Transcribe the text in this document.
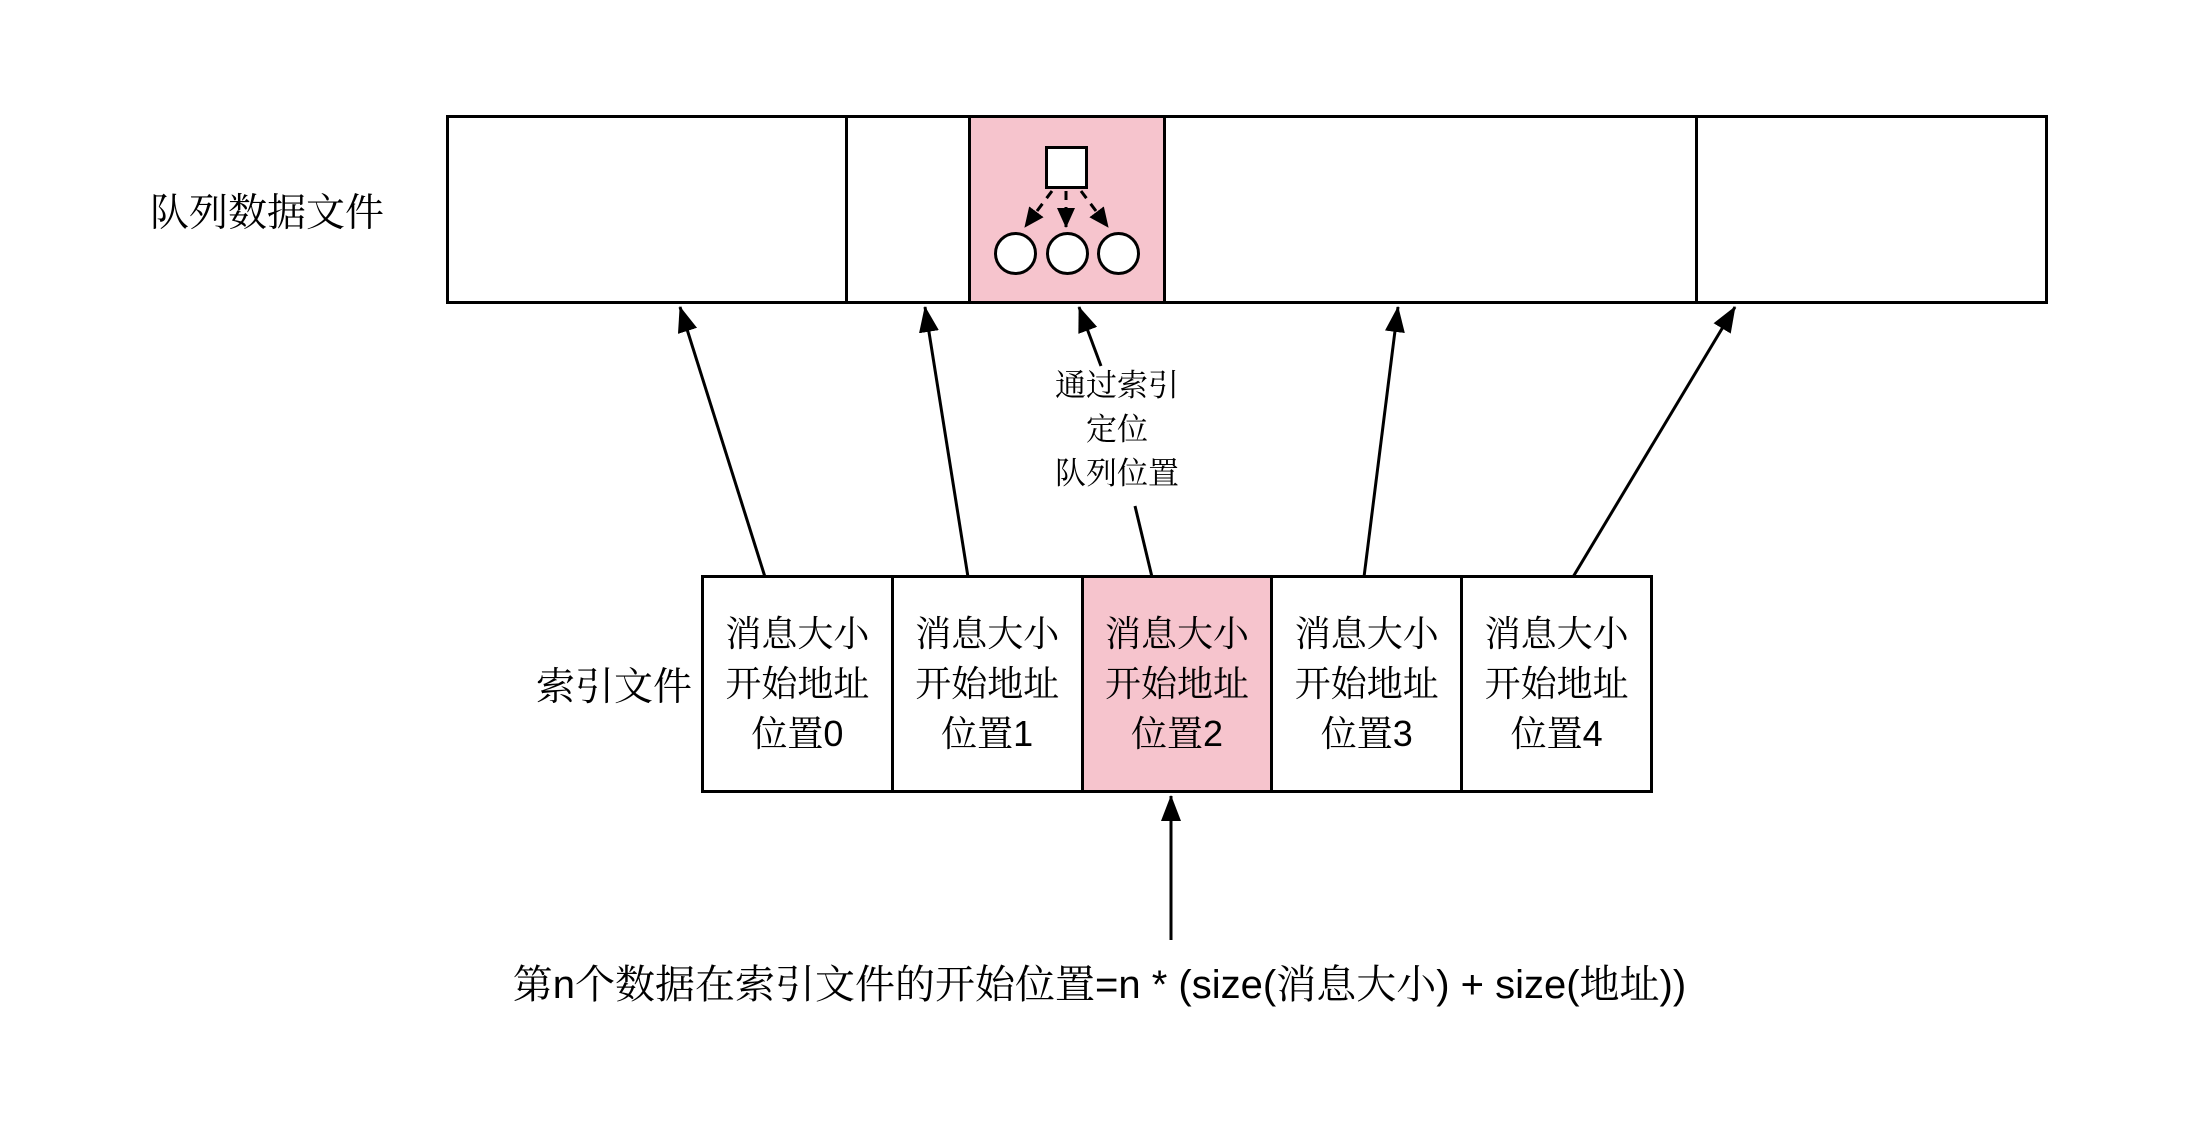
队列数据文件
索引文件
通过索引
定位
队列位置
消息大小
开始地址
位置0
消息大小
开始地址
位置1
消息大小
开始地址
位置2
消息大小
开始地址
位置3
消息大小
开始地址
位置4
第n个数据在索引文件的开始位置=n * (size(消息大小) + size(地址))
